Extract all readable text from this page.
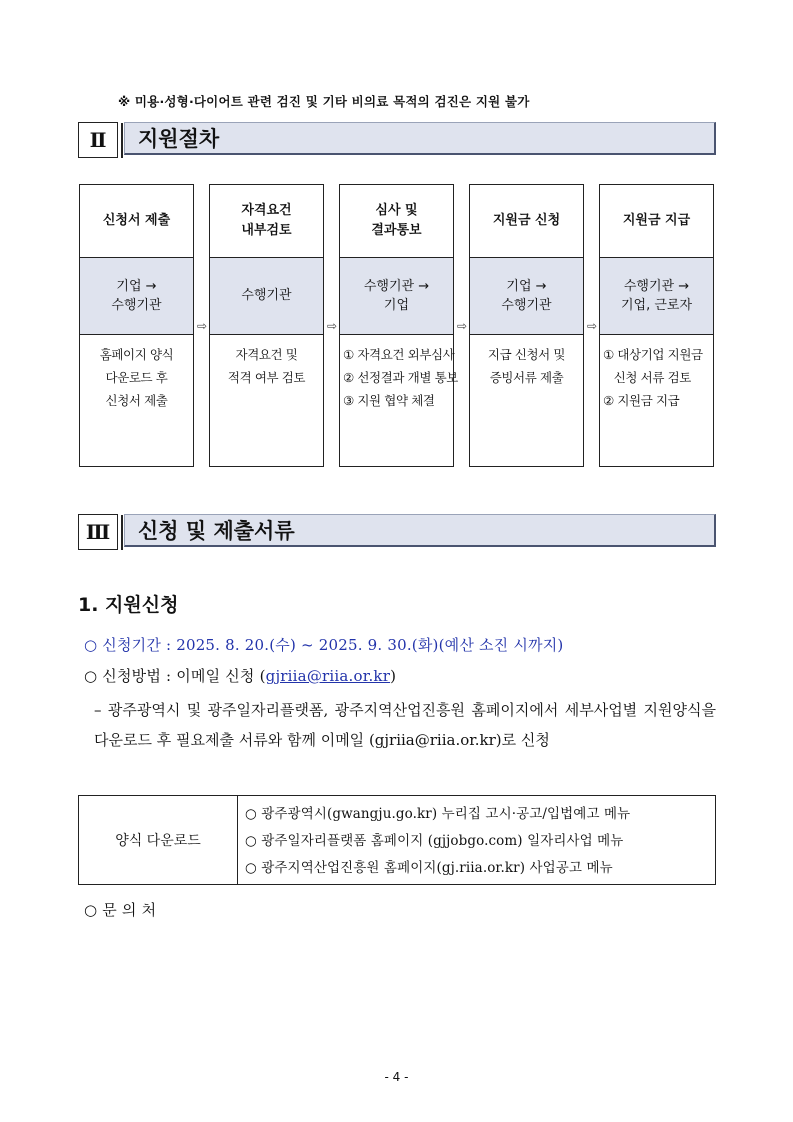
※ 미용·성형·다이어트 관련 검진 및 기타 비의료 목적의 검진은 지원 불가
Ⅱ	지원절차
신청서 제출
기업 →
수행기관
홈페이지 양식
다운로드 후
신청서 제출
⇨
자격요건
내부검토
수행기관
자격요건 및
적격 여부 검토
⇨
심사 및
결과통보
수행기관 →
기업
① 자격요건 외부심사
② 선정결과 개별 통보
③ 지원 협약 체결
⇨
지원금 신청
기업 →
수행기관
지급 신청서 및
증빙서류 제출
⇨
지원금 지급
수행기관 →
기업, 근로자
① 대상기업 지원금
신청 서류 검토
② 지원금 지급
Ⅲ	신청 및 제출서류
1. 지원신청
○ 신청기간 : 2025. 8. 20.(수) ~ 2025. 9. 30.(화)(예산 소진 시까지)
○ 신청방법 : 이메일 신청 (gjriia@riia.or.kr)
– 광주광역시 및 광주일자리플랫폼, 광주지역산업진흥원 홈페이지에서 세부사업별 지원양식을 다운로드 후 필요제출 서류와 함께 이메일 (gjriia@riia.or.kr)로 신청
양식 다운로드
○ 광주광역시(gwangju.go.kr) 누리집 고시·공고/입법예고 메뉴
○ 광주일자리플랫폼 홈페이지 (gjjobgo.com) 일자리사업 메뉴
○ 광주지역산업진흥원 홈페이지(gj.riia.or.kr) 사업공고 메뉴
○ 문 의 처
- 4 -
